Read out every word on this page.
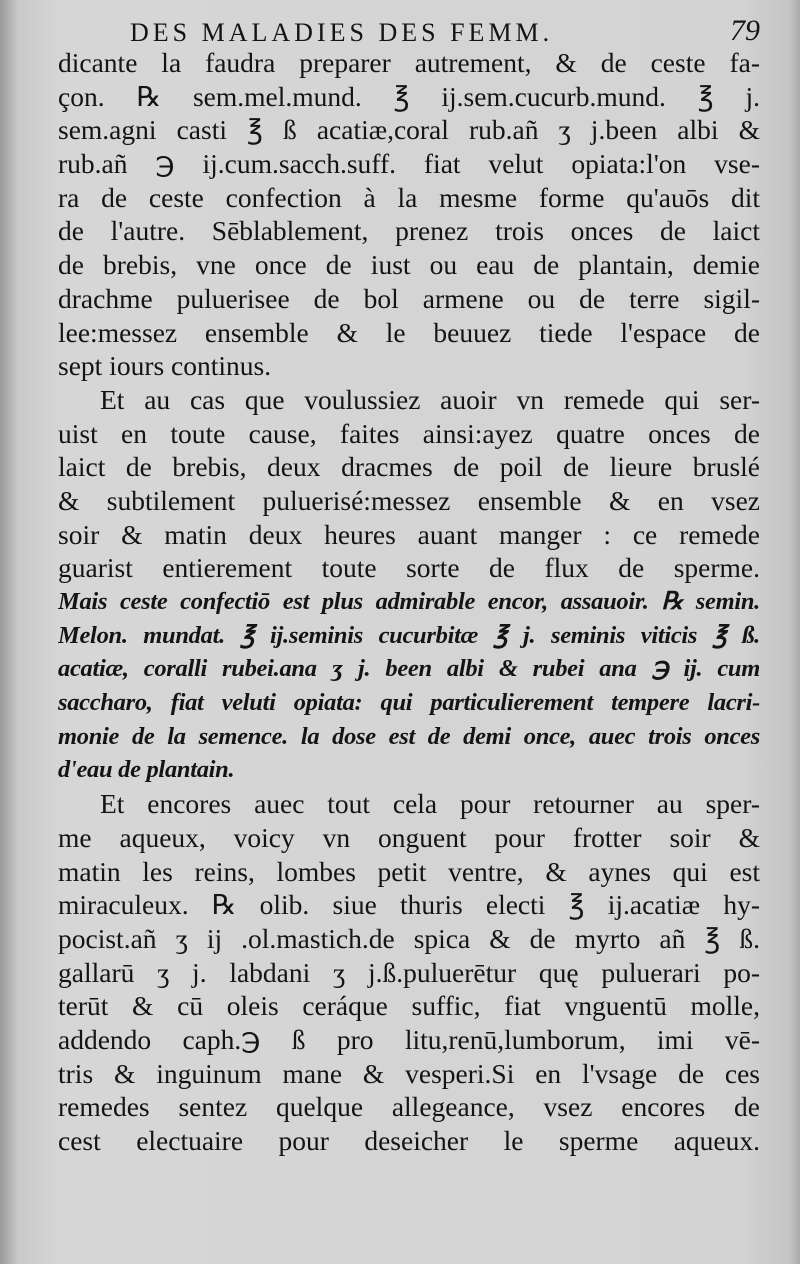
DES MALADIES DES FEMM.	79
dicante la faudra preparer autrement, & de ceste fa-
çon. ℞ sem.mel.mund. ℥ ij.sem.cucurb.mund. ℥ j.
sem.agni casti ℥ ß acatiæ,coral rub.añ ʒ j.been albi &
rub.añ ℈ ij.cum.sacch.suff. fiat velut opiata:l'on vse-
ra de ceste confection à la mesme forme qu'auōs dit
de l'autre. Sēblablement, prenez trois onces de laict
de brebis, vne once de iust ou eau de plantain, demie
drachme puluerisee de bol armene ou de terre sigil-
lee:messez ensemble & le beuuez tiede l'espace de
sept iours continus.
Et au cas que voulussiez auoir vn remede qui ser-
uist en toute cause, faites ainsi:ayez quatre onces de
laict de brebis, deux dracmes de poil de lieure bruslé
& subtilement puluerisé:messez ensemble & en vsez
soir & matin deux heures auant manger : ce remede
guarist entierement toute sorte de flux de sperme.
Mais ceste confectiō est plus admirable encor, assauoir. ℞ semin.
Melon. mundat. ℥ ij.seminis cucurbitæ ℥ j. seminis viticis ℥ ß.
acatiæ, coralli rubei.ana ʒ j. been albi & rubei ana ℈ ij. cum
saccharo, fiat veluti opiata: qui particulierement tempere lacri-
monie de la semence. la dose est de demi once, auec trois onces
d'eau de plantain.
Et encores auec tout cela pour retourner au sper-
me aqueux, voicy vn onguent pour frotter soir &
matin les reins, lombes petit ventre, & aynes qui est
miraculeux. ℞ olib. siue thuris electi ℥ ij.acatiæ hy-
pocist.añ ʒ ij .ol.mastich.de spica & de myrto añ ℥ ß.
gallarū ʒ j. labdani ʒ j.ß.puluerētur quę puluerari po-
terūt & cū oleis ceráque suffic, fiat vnguentū molle,
addendo caph.℈ ß pro litu,renū,lumborum, imi vē-
tris & inguinum mane & vesperi.Si en l'vsage de ces
remedes sentez quelque allegeance, vsez encores de
cest electuaire pour deseicher le sperme aqueux.
